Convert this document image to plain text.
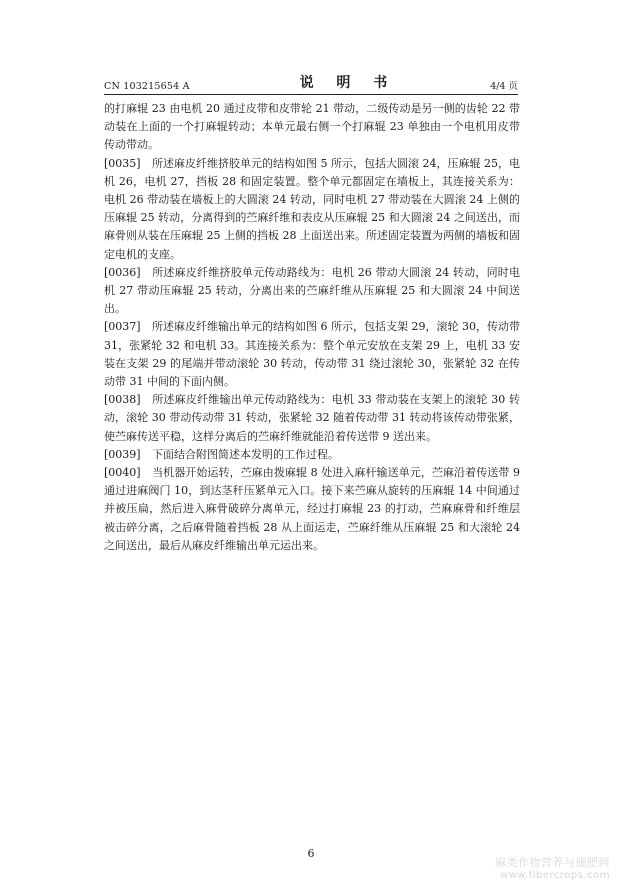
CN 103215654 A	说 明 书	4/4 页

的打麻辊 23 由电机 20 通过皮带和皮带轮 21 带动，二级传动是另一侧的齿轮 22 带动装在上面的一个打麻辊转动；本单元最右侧一个打麻辊 23 单独由一个电机用皮带传动带动。

[0035] 所述麻皮纤维挤胶单元的结构如图 5 所示，包括大圆滚 24，压麻辊 25，电机 26，电机 27，挡板 28 和固定装置。整个单元都固定在墙板上，其连接关系为：电机 26 带动装在墙板上的大圆滚 24 转动，同时电机 27 带动装在大圆滚 24 上侧的压麻辊 25 转动，分离得到的苎麻纤维和表皮从压麻辊 25 和大圆滚 24 之间送出，而麻骨则从装在压麻辊 25 上侧的挡板 28 上面送出来。所述固定装置为两侧的墙板和固定电机的支座。

[0036] 所述麻皮纤维挤胶单元传动路线为：电机 26 带动大圆滚 24 转动，同时电机 27 带动压麻辊 25 转动，分离出来的苎麻纤维从压麻辊 25 和大圆滚 24 中间送出。

[0037] 所述麻皮纤维输出单元的结构如图 6 所示，包括支架 29，滚轮 30，传动带 31，张紧轮 32 和电机 33。其连接关系为：整个单元安放在支架 29 上，电机 33 安装在支架 29 的尾端并带动滚轮 30 转动，传动带 31 绕过滚轮 30，张紧轮 32 在传动带 31 中间的下面内侧。

[0038] 所述麻皮纤维输出单元传动路线为：电机 33 带动装在支架上的滚轮 30 转动，滚轮 30 带动传动带 31 转动，张紧轮 32 随着传动带 31 转动将该传动带张紧，使苎麻传送平稳，这样分离后的苎麻纤维就能沿着传送带 9 送出来。

[0039] 下面结合附图简述本发明的工作过程。

[0040] 当机器开始运转，苎麻由拨麻辊 8 处进入麻杆输送单元，苎麻沿着传送带 9 通过进麻阀门 10，到达茎秆压紧单元入口。接下来苎麻从旋转的压麻辊 14 中间通过并被压扁，然后进入麻骨破碎分离单元，经过打麻辊 23 的打动，苎麻麻骨和纤维层被击碎分离，之后麻骨随着挡板 28 从上面运走，苎麻纤维从压麻辊 25 和大滚轮 24 之间送出，最后从麻皮纤维输出单元运出来。

6
麻类作物营养与施肥网
www.fibercrops.com
